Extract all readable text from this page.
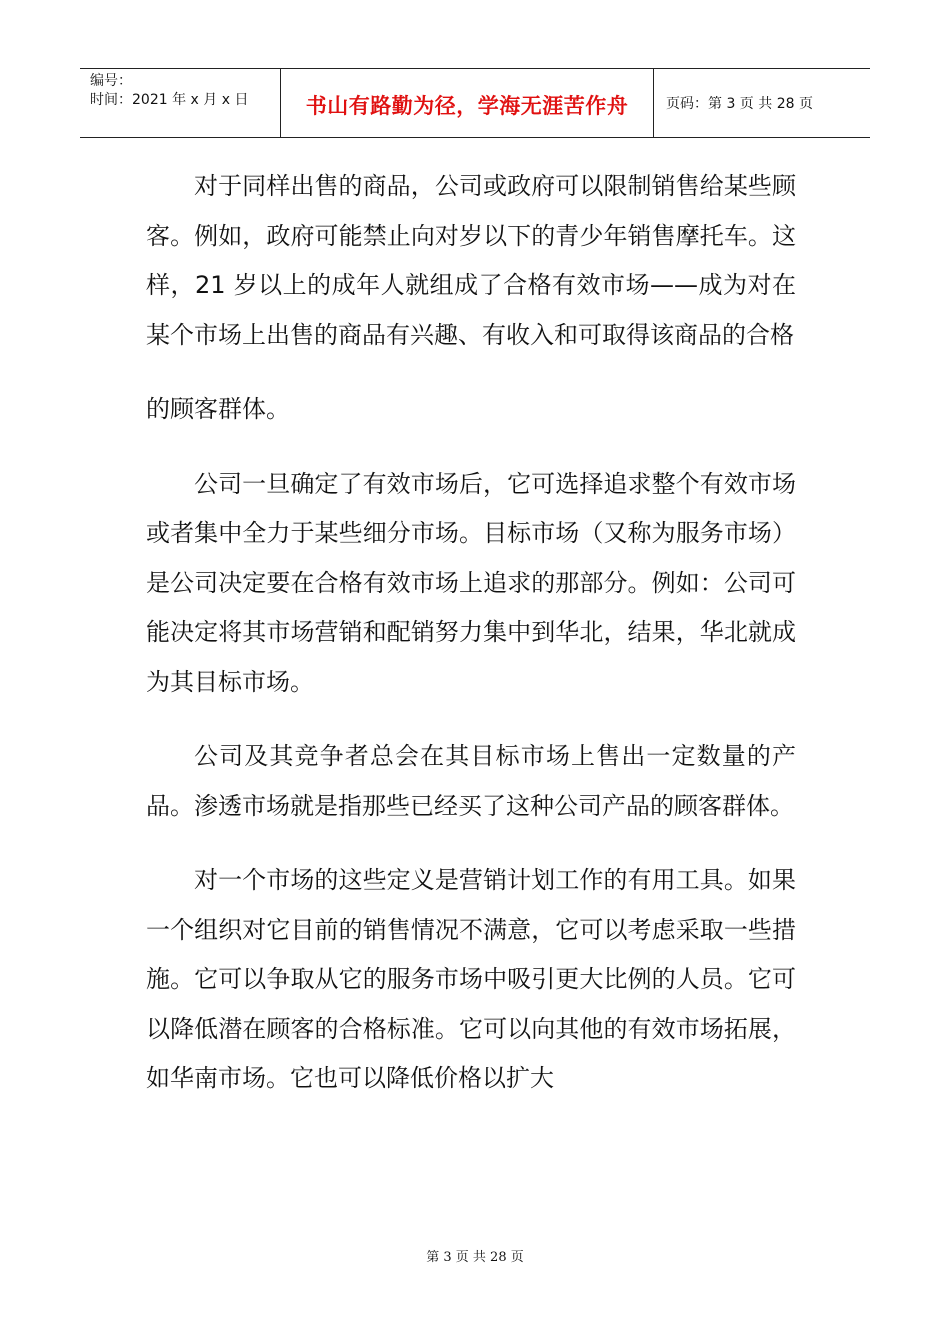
编号：
时间：2021 年 x 月 x 日	书山有路勤为径，学海无涯苦作舟	页码：第 3 页 共 28 页

对于同样出售的商品，公司或政府可以限制销售给某些顾客。例如，政府可能禁止向对岁以下的青少年销售摩托车。这样，21 岁以上的成年人就组成了合格有效市场——成为对在某个市场上出售的商品有兴趣、有收入和可取得该商品的合格

的顾客群体。

公司一旦确定了有效市场后，它可选择追求整个有效市场或者集中全力于某些细分市场。目标市场（又称为服务市场）是公司决定要在合格有效市场上追求的那部分。例如：公司可能决定将其市场营销和配销努力集中到华北，结果，华北就成为其目标市场。

公司及其竞争者总会在其目标市场上售出一定数量的产品。渗透市场就是指那些已经买了这种公司产品的顾客群体。

对一个市场的这些定义是营销计划工作的有用工具。如果一个组织对它目前的销售情况不满意，它可以考虑采取一些措施。它可以争取从它的服务市场中吸引更大比例的人员。它可以降低潜在顾客的合格标准。它可以向其他的有效市场拓展，如华南市场。它也可以降低价格以扩大

第 3 页 共 28 页
